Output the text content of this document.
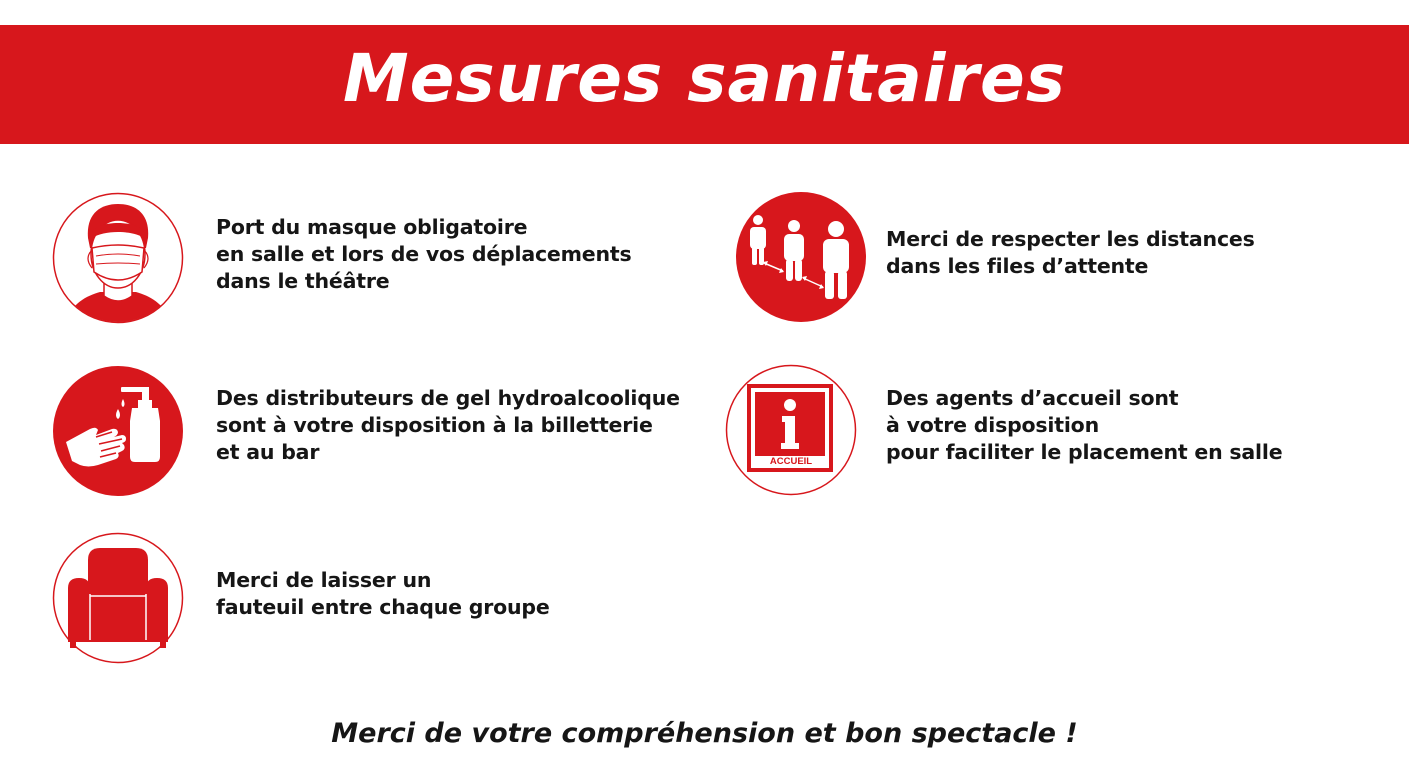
Mesures sanitaires
Port du masque obligatoire
en salle et lors de vos déplacements
dans le théâtre
Merci de respecter les distances
dans les files d’attente
Des distributeurs de gel hydroalcoolique
sont à votre disposition à la billetterie
et au bar	ACCUEIL
Des agents d’accueil sont
à votre disposition
pour faciliter le placement en salle
Merci de laisser un
fauteuil entre chaque groupe
Merci de votre compréhension et bon spectacle !
